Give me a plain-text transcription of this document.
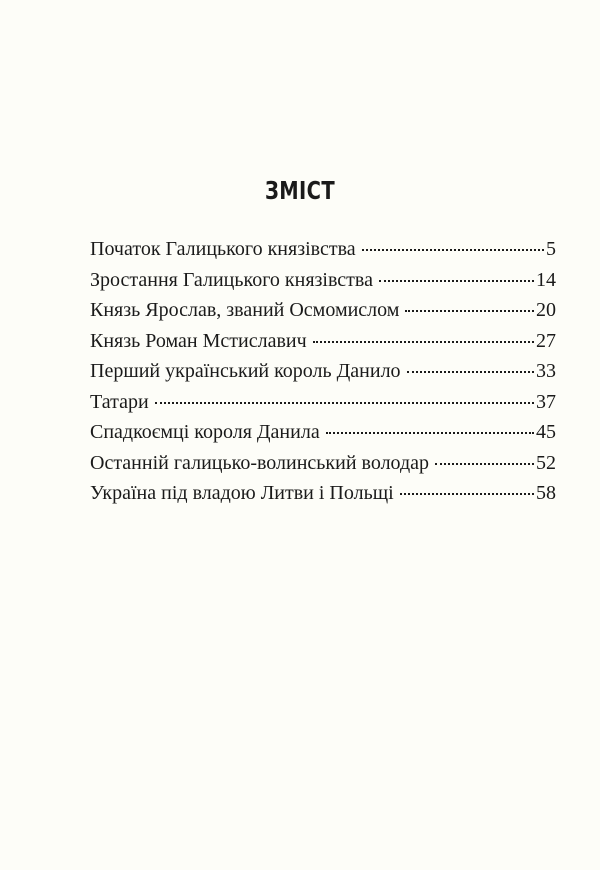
ЗМІСТ
Початок Галицького князівства	5
Зростання Галицького князівства	14
Князь Ярослав, званий Осмомислом	20
Князь Роман Мстиславич	27
Перший український король Данило	33
Татари	37
Спадкоємці короля Данила	45
Останній галицько-волинський володар	52
Україна під владою Литви і Польщі	58
